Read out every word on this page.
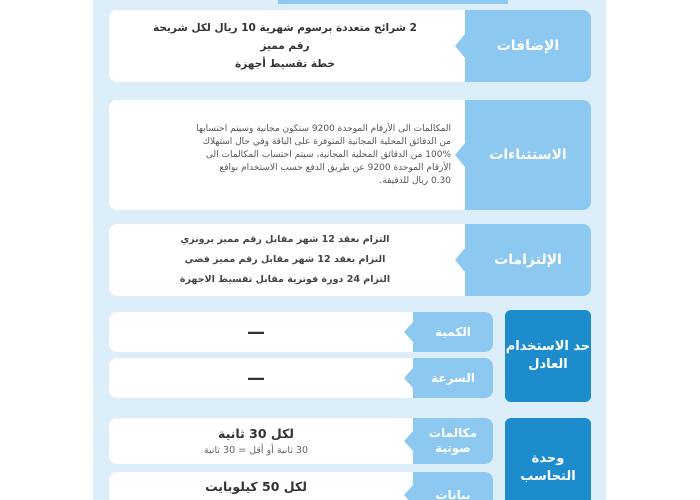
الإضافات
2 شرائح متعددة برسوم شهرية 10 ريال لكل شريحة
رقم مميز
خطة تقسيط أجهزة
الاستثناءات
المكالمات الى الأرقام الموحدة 9200 ستكون مجانية وسيتم احتسابها
من الدقائق المحلية المجانية المتوفرة على الباقة وفي حال استهلاك
100% من الدقائق المحلية المجانية، سيتم احتساب المكالمات الى
الأرقام الموحدة 9200 عن طريق الدفع حسب الاستخدام بواقع
0.30 ريال للدقيقة.
الإلتزامات
التزام بعقد 12 شهر مقابل رقم مميز برونزي
التزام بعقد 12 شهر مقابل رقم مميز فضي
التزام 24 دورة فوترية مقابل تقسيط الاجهزة
حد الاستخدام العادل
الكمية
—
السرعة
—
وحدة التحاسب
مكالمات صوتية
لكل 30 ثانية
30 ثانية أو أقل = 30 ثانية
بيانات
لكل 50 كيلوبايت
